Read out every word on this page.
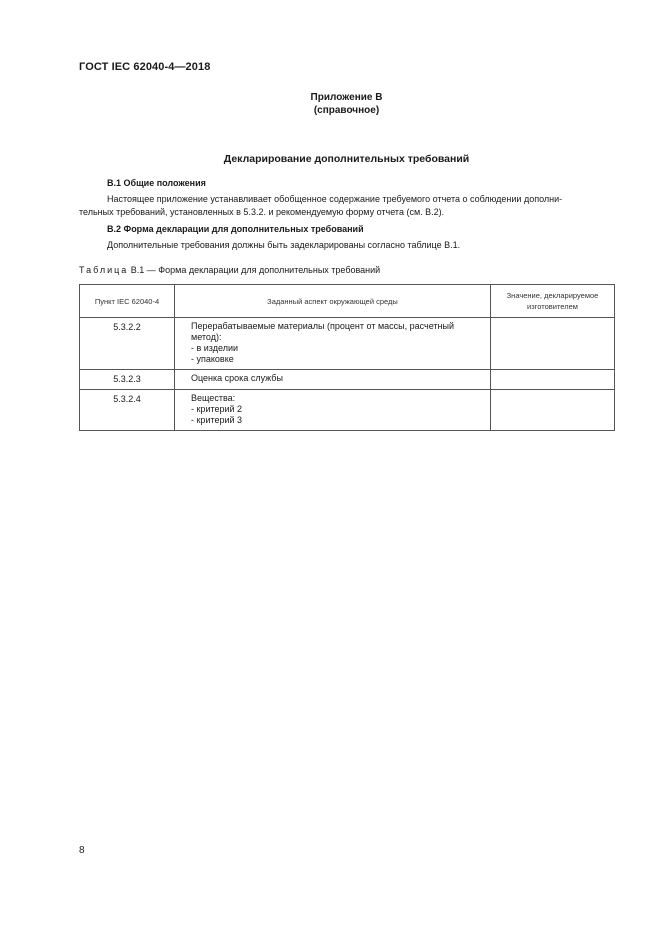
ГОСТ IEC 62040-4—2018
Приложение В
(справочное)
Декларирование дополнительных требований
В.1 Общие положения
Настоящее приложение устанавливает обобщенное содержание требуемого отчета о соблюдении дополни-
тельных требований, установленных в 5.3.2. и рекомендуемую форму отчета (см. В.2).
В.2 Форма декларации для дополнительных требований
Дополнительные требования должны быть задекларированы согласно таблице В.1.
Таблица В.1 — Форма декларации для дополнительных требований
Пункт IEC 62040-4	Заданный аспект окружающей среды	Значение, декларируемое изготовителем
5.3.2.2	Перерабатываемые материалы (процент от массы, расчетный метод):
- в изделии
- упаковке	

5.3.2.3	Оценка срока службы	

5.3.2.4	Вещества:
- критерий 2
- критерий 3	

8
